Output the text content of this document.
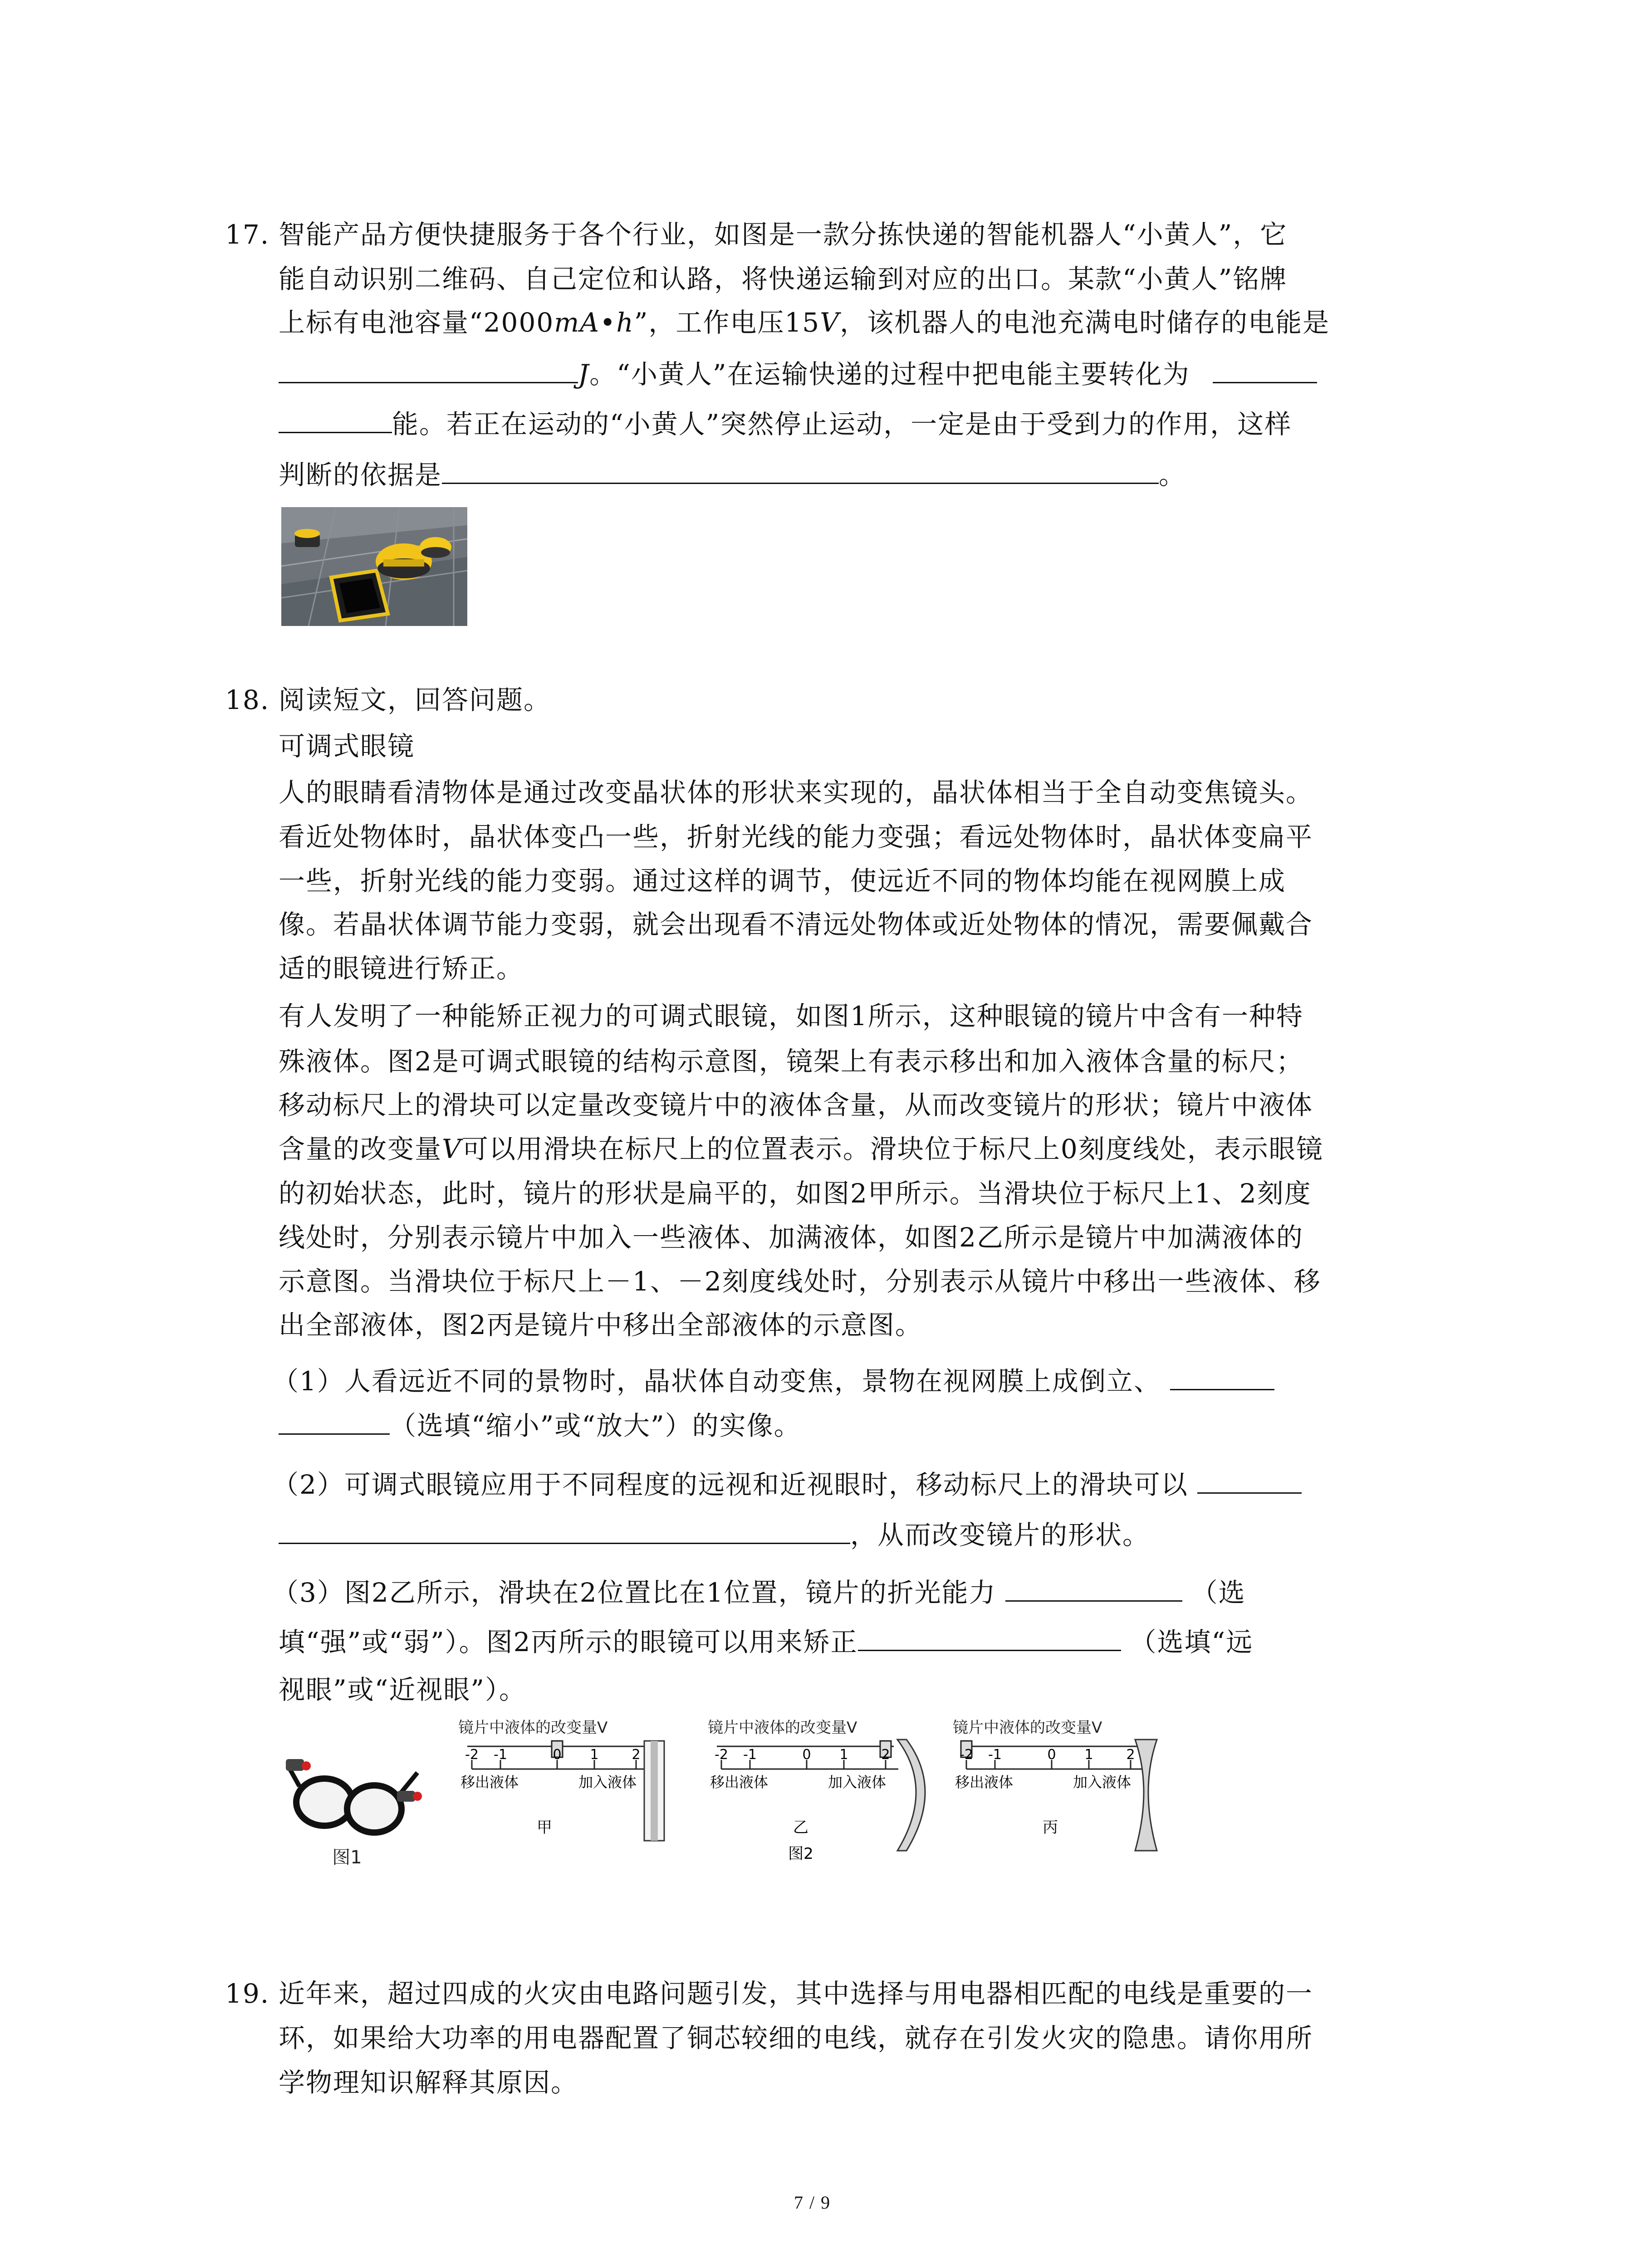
17. 智能产品方便快捷服务于各个行业，如图是一款分拣快递的智能机器人“小黄人”，它
能自动识别二维码、自己定位和认路，将快递运输到对应的出口。某款“小黄人”铭牌
上标有电池容量“2000mA•h”，工作电压15V，该机器人的电池充满电时储存的电能是
J。“小黄人”在运输快递的过程中把电能主要转化为
能。若正在运动的“小黄人”突然停止运动，一定是由于受到力的作用，这样
判断的依据是	。
18. 阅读短文，回答问题。
可调式眼镜
人的眼睛看清物体是通过改变晶状体的形状来实现的，晶状体相当于全自动变焦镜头。
看近处物体时，晶状体变凸一些，折射光线的能力变强；看远处物体时，晶状体变扁平
一些，折射光线的能力变弱。通过这样的调节，使远近不同的物体均能在视网膜上成
像。若晶状体调节能力变弱，就会出现看不清远处物体或近处物体的情况，需要佩戴合
适的眼镜进行矫正。
有人发明了一种能矫正视力的可调式眼镜，如图1所示，这种眼镜的镜片中含有一种特
殊液体。图2是可调式眼镜的结构示意图，镜架上有表示移出和加入液体含量的标尺；
移动标尺上的滑块可以定量改变镜片中的液体含量，从而改变镜片的形状；镜片中液体
含量的改变量V可以用滑块在标尺上的位置表示。滑块位于标尺上0刻度线处，表示眼镜
的初始状态，此时，镜片的形状是扁平的，如图2甲所示。当滑块位于标尺上1、2刻度
线处时，分别表示镜片中加入一些液体、加满液体，如图2乙所示是镜片中加满液体的
示意图。当滑块位于标尺上－1、－2刻度线处时，分别表示从镜片中移出一些液体、移
出全部液体，图2丙是镜片中移出全部液体的示意图。
（1）人看远近不同的景物时，晶状体自动变焦，景物在视网膜上成倒立、
（选填“缩小”或“放大”）的实像。
（2）可调式眼镜应用于不同程度的远视和近视眼时，移动标尺上的滑块可以
，从而改变镜片的形状。
（3）图2乙所示，滑块在2位置比在1位置，镜片的折光能力	（选
填“强”或“弱”）。图2丙所示的眼镜可以用来矫正	（选填“远
视眼”或“近视眼”）。
图1
镜片中液体的改变量V
-2 -1	0 1 2
移出液体	加入液体
甲
镜片中液体的改变量V
-2 -1	0 1 2
移出液体	加入液体
乙
图2
镜片中液体的改变量V
-2 -1	0 1 2
移出液体	加入液体
丙
19. 近年来，超过四成的火灾由电路问题引发，其中选择与用电器相匹配的电线是重要的一
环，如果给大功率的用电器配置了铜芯较细的电线，就存在引发火灾的隐患。请你用所
学物理知识解释其原因。
7 / 9
